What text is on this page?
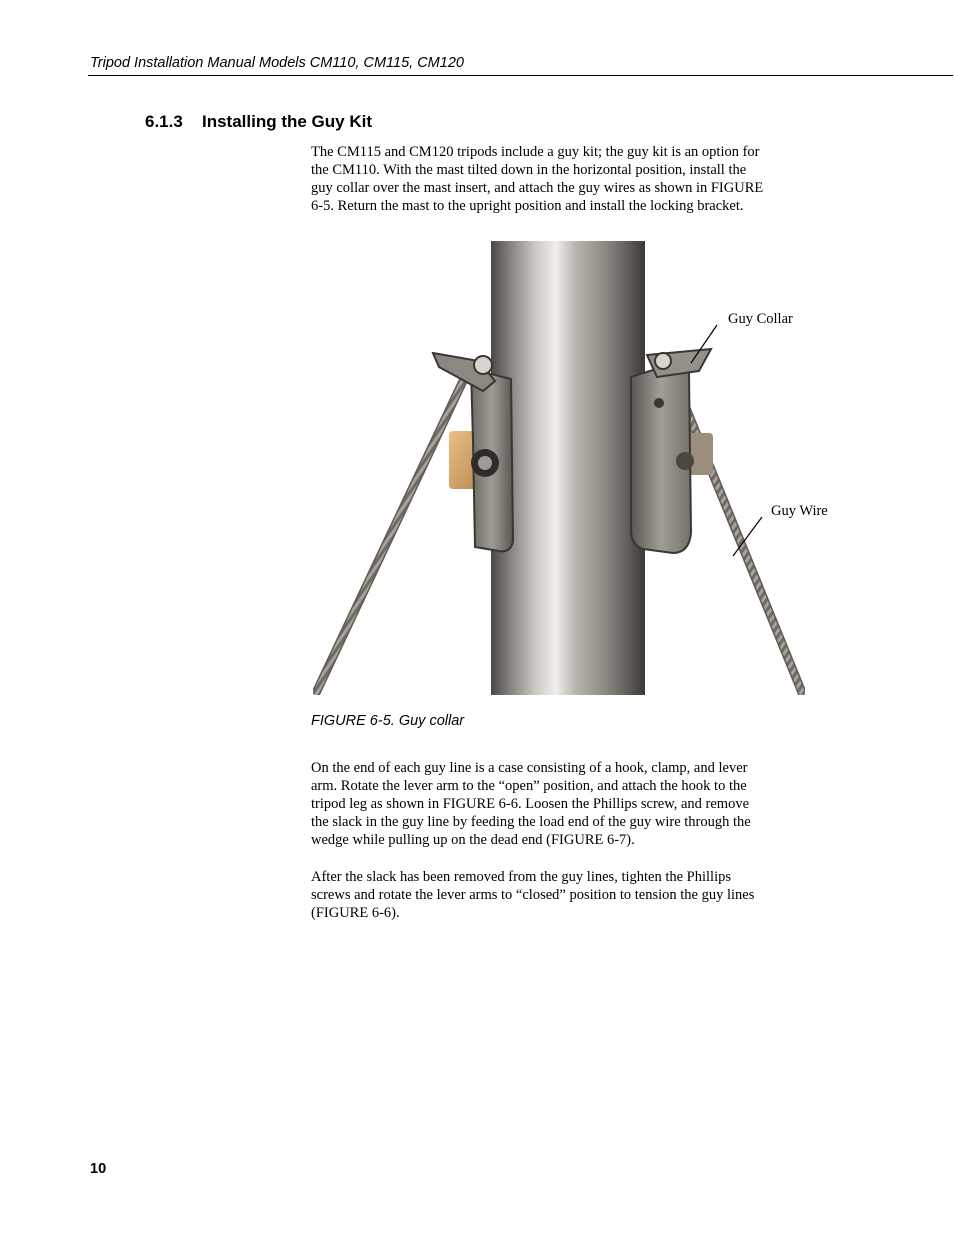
Tripod Installation Manual Models CM110, CM115, CM120
6.1.3 Installing the Guy Kit
The CM115 and CM120 tripods include a guy kit; the guy kit is an option for
the CM110. With the mast tilted down in the horizontal position, install the
guy collar over the mast insert, and attach the guy wires as shown in FIGURE
6-5. Return the mast to the upright position and install the locking bracket.
Guy Collar
Guy Wire
FIGURE 6-5. Guy collar
On the end of each guy line is a case consisting of a hook, clamp, and lever
arm. Rotate the lever arm to the “open” position, and attach the hook to the
tripod leg as shown in FIGURE 6-6. Loosen the Phillips screw, and remove
the slack in the guy line by feeding the load end of the guy wire through the
wedge while pulling up on the dead end (FIGURE 6-7).
After the slack has been removed from the guy lines, tighten the Phillips
screws and rotate the lever arms to “closed” position to tension the guy lines
(FIGURE 6-6).
10
